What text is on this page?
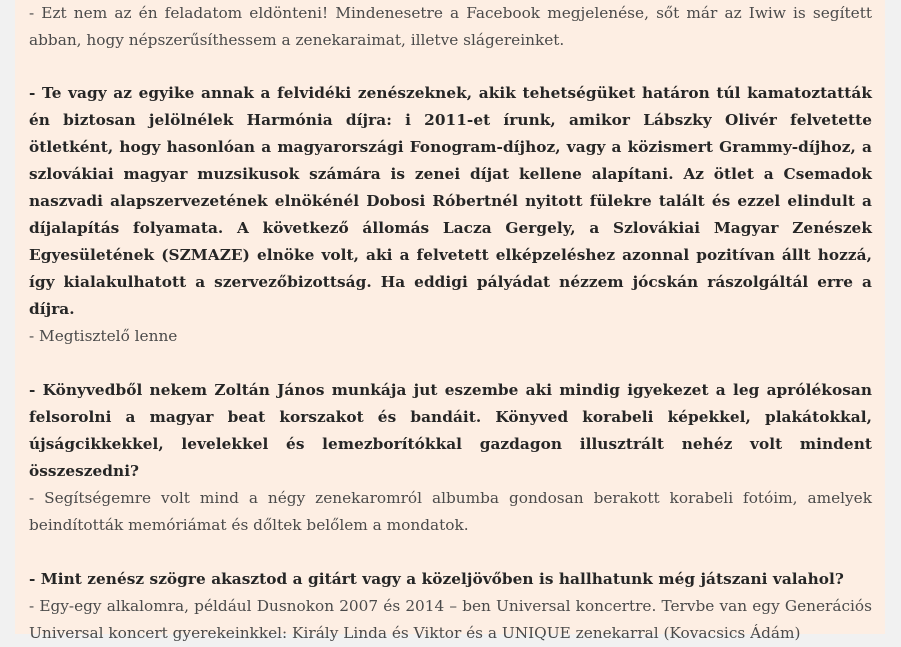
- Ezt nem az én feladatom eldönteni! Mindenesetre a Facebook megjelenése, sőt már az Iwiw is segített abban, hogy népszerűsíthessem a zenekaraimat, illetve slágereinket.

- Te vagy az egyike annak a felvidéki zenészeknek, akik tehetségüket határon túl kamatoztatták én biztosan jelölnélek Harmónia díjra: i 2011-et írunk, amikor Lábszky Olivér felvetette ötletként, hogy hasonlóan a magyarországi Fonogram-díjhoz, vagy a közismert Grammy-díjhoz, a szlovákiai magyar muzsikusok számára is zenei díjat kellene alapítani. Az ötlet a Csemadok naszvadi alapszervezetének elnökénél Dobosi Róbertnél nyitott fülekre talált és ezzel elindult a díjalapítás folyamata. A következő állomás Lacza Gergely, a Szlovákiai Magyar Zenészek Egyesületének (SZMAZE) elnöke volt, aki a felvetett elképzeléshez azonnal pozitívan állt hozzá, így kialakulhatott a szervezőbizottság. Ha eddigi pályádat nézzem jócskán rászolgáltál erre a díjra.

- Megtisztelő lenne

- Könyvedből nekem Zoltán János munkája jut eszembe aki mindig igyekezet a leg aprólékosan felsorolni a magyar beat korszakot és bandáit. Könyved korabeli képekkel, plakátokkal, újságcikkekkel, levelekkel és lemezborítókkal gazdagon illusztrált nehéz volt mindent összeszedni?

- Segítségemre volt mind a négy zenekaromról albumba gondosan berakott korabeli fotóim, amelyek beindították memóriámat és dőltek belőlem a mondatok.

- Mint zenész szögre akasztod a gitárt vagy a közeljövőben is hallhatunk még játszani valahol?

- Egy-egy alkalomra, például Dusnokon 2007 és 2014 – ben Universal koncertre. Tervbe van egy Generációs Universal koncert gyerekeinkkel: Király Linda és Viktor és a UNIQUE zenekarral (Kovacsics Ádám)
